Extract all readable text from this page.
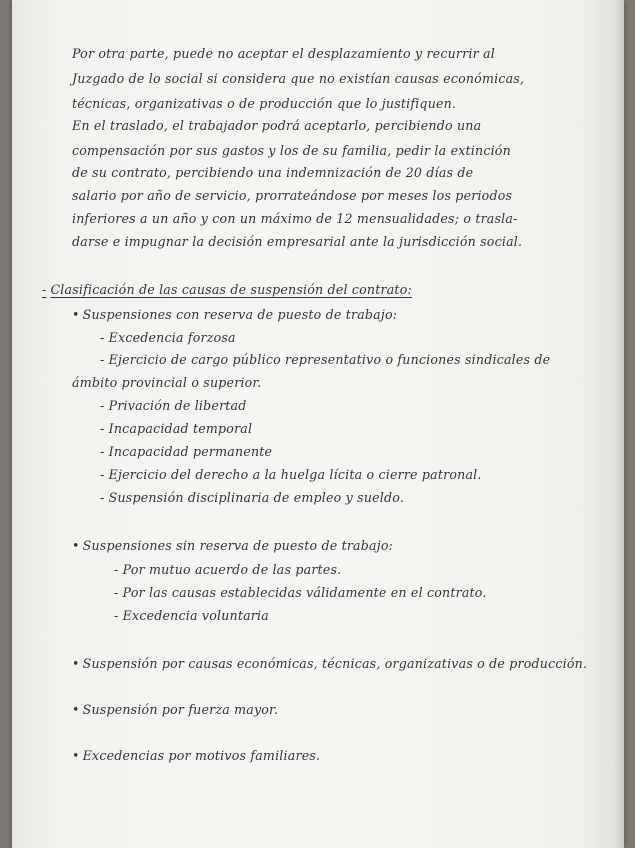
Por otra parte, puede no aceptar el desplazamiento y recurrir al
Juzgado de lo social si considera que no existían causas económicas,
técnicas, organizativas o de producción que lo justifiquen.
En el traslado, el trabajador podrá aceptarlo, percibiendo una
compensación por sus gastos y los de su familia, pedir la extinción
de su contrato, percibiendo una indemnización de 20 días de
salario por año de servicio, prorrateándose por meses los periodos
inferiores a un año y con un máximo de 12 mensualidades; o trasla-
darse e impugnar la decisión empresarial ante la jurisdicción social.
- Clasificación de las causas de suspensión del contrato:
• Suspensiones con reserva de puesto de trabajo:
- Excedencia forzosa
- Ejercicio de cargo público representativo o funciones sindicales de
ámbito provincial o superior.
- Privación de libertad
- Incapacidad temporal
- Incapacidad permanente
- Ejercicio del derecho a la huelga lícita o cierre patronal.
- Suspensión disciplinaria de empleo y sueldo.
• Suspensiones sin reserva de puesto de trabajo:
- Por mutuo acuerdo de las partes.
- Por las causas establecidas válidamente en el contrato.
- Excedencia voluntaria
• Suspensión por causas económicas, técnicas, organizativas o de producción.
• Suspensión por fuerza mayor.
• Excedencias por motivos familiares.
